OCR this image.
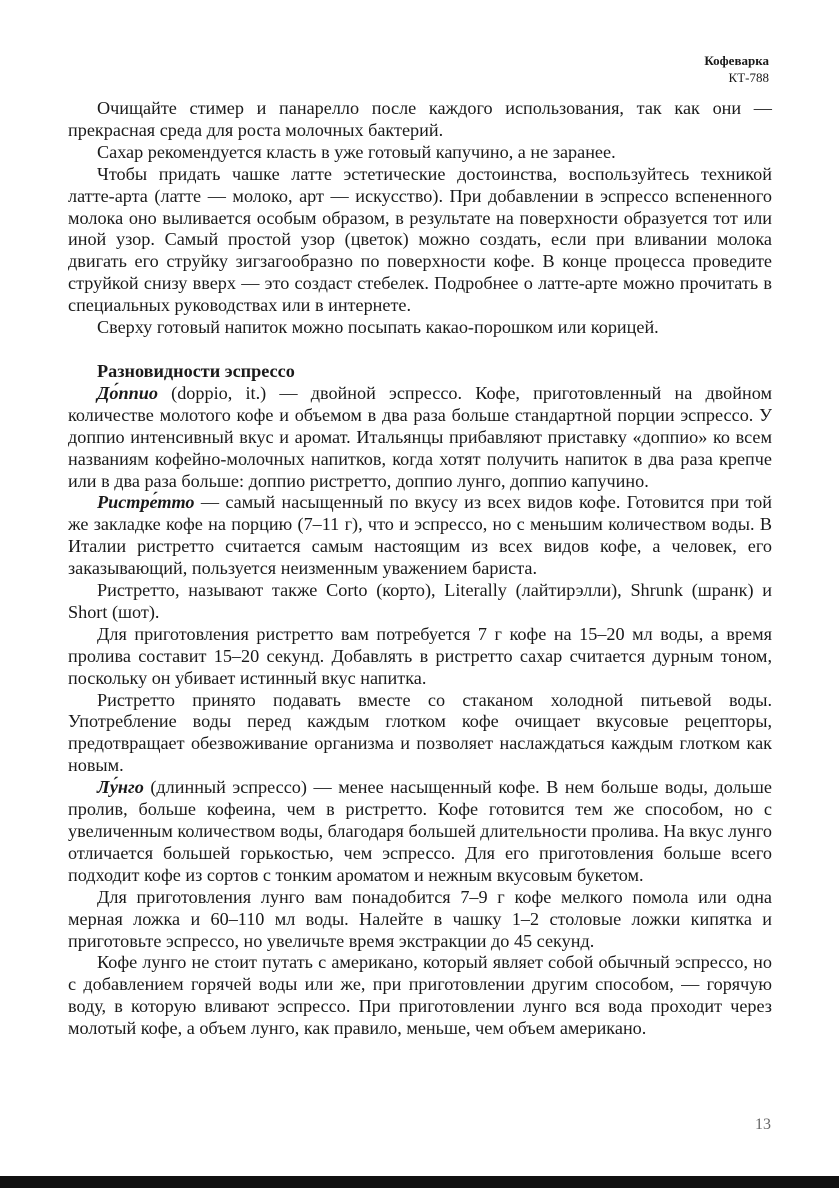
Кофеварка
КТ-788

Очищайте стимер и панарелло после каждого использования, так как они — прекрасная среда для роста молочных бактерий.

Сахар рекомендуется класть в уже готовый капучино, а не заранее.

Чтобы придать чашке латте эстетические достоинства, воспользуйтесь техникой латте-арта (латте — молоко, арт — искусство). При добавлении в эспрессо вспененного молока оно выливается особым образом, в результате на поверхности образуется тот или иной узор. Самый простой узор (цветок) можно создать, если при вливании молока двигать его струйку зигзагообразно по поверхности кофе. В конце процесса проведите струйкой снизу вверх — это создаст стебелек. Подробнее о латте-арте можно прочитать в специальных руководствах или в интернете.

Сверху готовый напиток можно посыпать какао-порошком или корицей.

Разновидности эспрессо

До́ппио (doppio, it.) — двойной эспрессо. Кофе, приготовленный на двойном количестве молотого кофе и объемом в два раза больше стандартной порции эспрессо. У доппио интенсивный вкус и аромат. Итальянцы прибавляют приставку «доппио» ко всем названиям кофейно-молочных напитков, когда хотят получить напиток в два раза крепче или в два раза больше: доппио ристретто, доппио лунго, доппио капучино.

Ристре́тто — самый насыщенный по вкусу из всех видов кофе. Готовится при той же закладке кофе на порцию (7–11 г), что и эспрессо, но с меньшим количеством воды. В Италии ристретто считается самым настоящим из всех видов кофе, а человек, его заказывающий, пользуется неизменным уважением бариста.

Ристретто, называют также Corto (корто), Literally (лайтирэлли), Shrunk (шранк) и Short (шот).

Для приготовления ристретто вам потребуется 7 г кофе на 15–20 мл воды, а время пролива составит 15–20 секунд. Добавлять в ристретто сахар считается дурным тоном, поскольку он убивает истинный вкус напитка.

Ристретто принято подавать вместе со стаканом холодной питьевой воды. Употребление воды перед каждым глотком кофе очищает вкусовые рецепторы, предотвращает обезвоживание организма и позволяет наслаждаться каждым глотком как новым.

Лу́нго (длинный эспрессо) — менее насыщенный кофе. В нем больше воды, дольше пролив, больше кофеина, чем в ристретто. Кофе готовится тем же способом, но с увеличенным количеством воды, благодаря большей длительности пролива. На вкус лунго отличается большей горькостью, чем эспрессо. Для его приготовления больше всего подходит кофе из сортов с тонким ароматом и нежным вкусовым букетом.

Для приготовления лунго вам понадобится 7–9 г кофе мелкого помола или одна мерная ложка и 60–110 мл воды. Налейте в чашку 1–2 столовые ложки кипятка и приготовьте эспрессо, но увеличьте время экстракции до 45 секунд.

Кофе лунго не стоит путать с американо, который являет собой обычный эспрессо, но с добавлением горячей воды или же, при приготовлении другим способом, — горячую воду, в которую вливают эспрессо. При приготовлении лунго вся вода проходит через молотый кофе, а объем лунго, как правило, меньше, чем объем американо.

13
